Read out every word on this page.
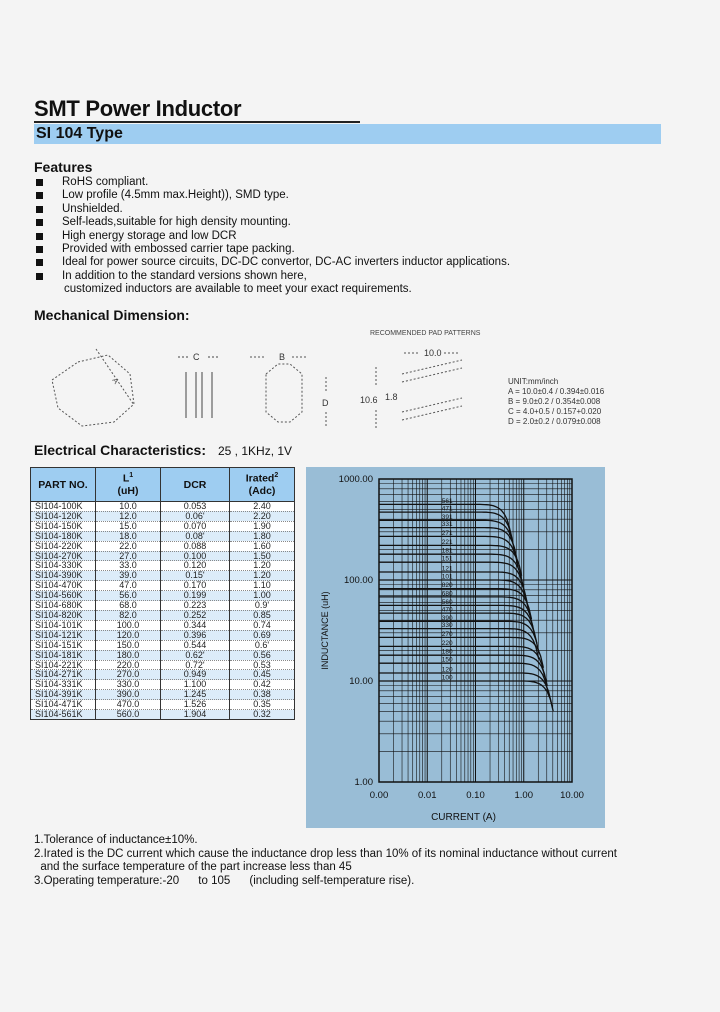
SMT Power Inductor
SI 104 Type
Features
RoHS compliant.
Low profile (4.5mm max.Height)), SMD type.
Unshielded.
Self-leads,suitable for high density mounting.
High energy storage and low DCR
Provided with embossed carrier tape packing.
Ideal for power source circuits, DC-DC convertor, DC-AC inverters inductor applications.
In addition to the standard versions shown here,
customized inductors are available to meet your exact requirements.
Mechanical Dimension:
A
C	B
D
RECOMMENDED PAD PATTERNS
10.0
10.6 1.8
UNIT:mm/inch
A = 10.0±0.4 / 0.394±0.016
B = 9.0±0.2 / 0.354±0.008
C = 4.0+0.5 / 0.157+0.020
D = 2.0±0.2 / 0.079±0.008
Electrical Characteristics: 25 , 1KHz, 1V
PART NO.	$L^1$
(uH)	DCR	Irated$^2$
(Adc)
SI104-100K	10.0	0.053	2.40
SI104-120K	12.0	0.06'	2.20
SI104-150K	15.0	0.070	1.90
SI104-180K	18.0	0.08'	1.80
SI104-220K	22.0	0.088	1.60
SI104-270K	27.0	0.100	1.50
SI104-330K	33.0	0.120	1.20
SI104-390K	39.0	0.15'	1.20
SI104-470K	47.0	0.170	1.10
SI104-560K	56.0	0.199	1.00
SI104-680K	68.0	0.223	0.9'
SI104-820K	82.0	0.252	0.85
SI104-101K	100.0	0.344	0.74
SI104-121K	120.0	0.396	0.69
SI104-151K	150.0	0.544	0.6'
SI104-181K	180.0	0.62'	0.56
SI104-221K	220.0	0.72'	0.53
SI104-271K	270.0	0.949	0.45
SI104-331K	330.0	1.100	0.42
SI104-391K	390.0	1.245	0.38
SI104-471K	470.0	1.526	0.35
SI104-561K	560.0	1.904	0.32
0.00	0.01	0.10	1.00	10.00
1.00
10.00
100.00
1000.00
CURRENT (A)
INDUCTANCE (uH)
561
471
391
331
271
221
181
151
121
101
820
680
560
470
390
330
270
220
180
150
120
100
1.Tolerance of inductance±10%.
2.Irated is the DC current which cause the inductance drop less than 10% of its nominal inductance without current
and the surface temperature of the part increase less than 45
3.Operating temperature:-20      to 105      (including self-temperature rise).
